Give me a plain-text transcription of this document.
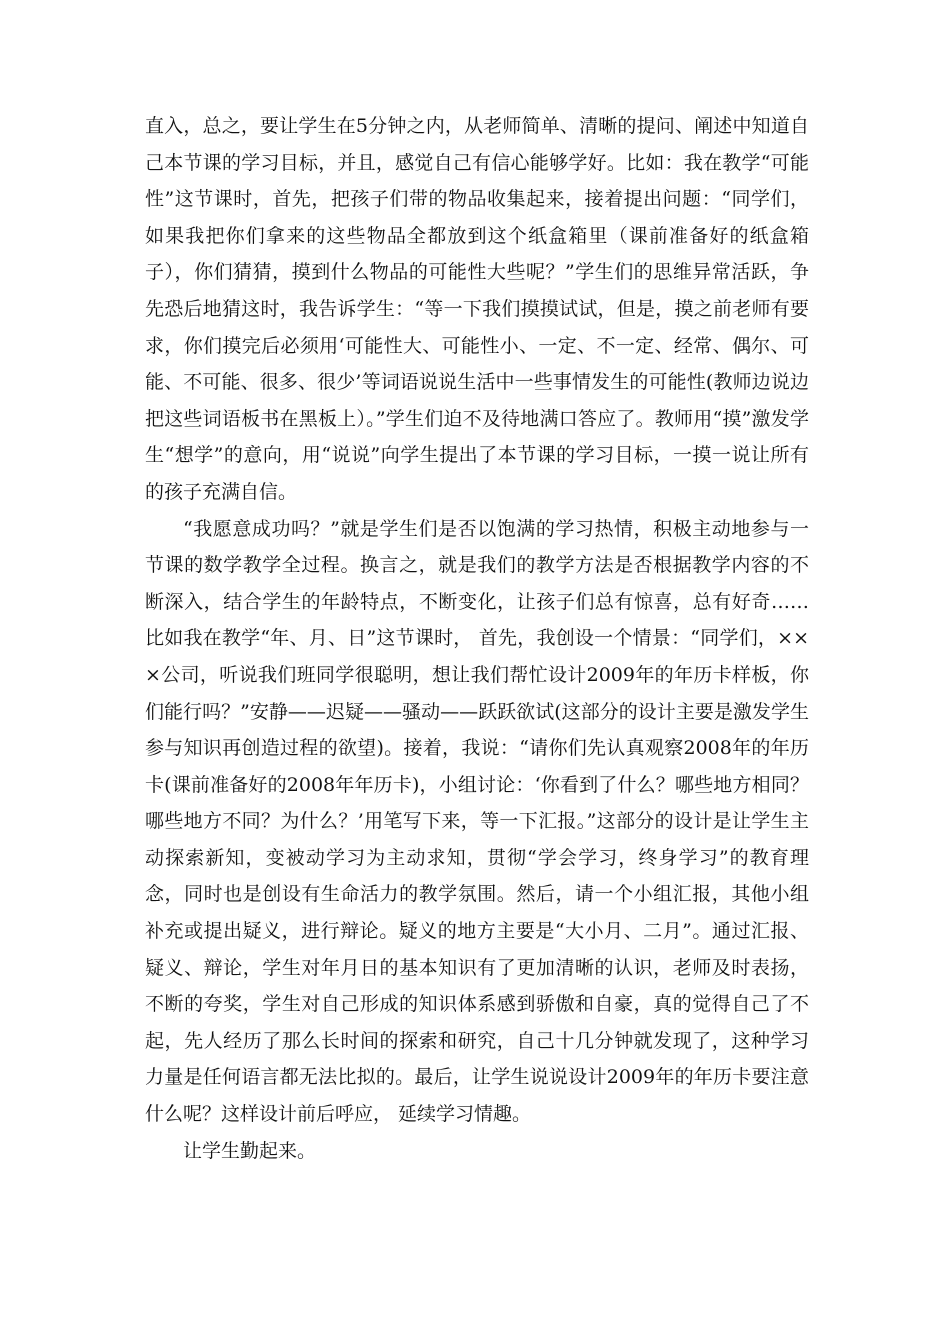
直入，总之，要让学生在5分钟之内，从老师简单、清晰的提问、阐述中知道自己本节课的学习目标，并且，感觉自己有信心能够学好。比如：我在教学“可能性”这节课时，首先，把孩子们带的物品收集起来，接着提出问题：“同学们，如果我把你们拿来的这些物品全都放到这个纸盒箱里（课前准备好的纸盒箱子），你们猜猜，摸到什么物品的可能性大些呢？”学生们的思维异常活跃，争先恐后地猜这时，我告诉学生：“等一下我们摸摸试试，但是，摸之前老师有要求，你们摸完后必须用‘可能性大、可能性小、一定、不一定、经常、偶尔、可能、不可能、很多、很少’等词语说说生活中一些事情发生的可能性(教师边说边把这些词语板书在黑板上）。”学生们迫不及待地满口答应了。教师用“摸”激发学生“想学”的意向，用“说说”向学生提出了本节课的学习目标，一摸一说让所有的孩子充满自信。

“我愿意成功吗？”就是学生们是否以饱满的学习热情，积极主动地参与一节课的数学教学全过程。换言之，就是我们的教学方法是否根据教学内容的不断深入，结合学生的年龄特点，不断变化，让孩子们总有惊喜，总有好奇……比如我在教学“年、月、日”这节课时， 首先，我创设一个情景：“同学们，×××公司，听说我们班同学很聪明，想让我们帮忙设计2009年的年历卡样板，你们能行吗？”安静——迟疑——骚动——跃跃欲试(这部分的设计主要是激发学生参与知识再创造过程的欲望)。接着，我说：“请你们先认真观察2008年的年历卡(课前准备好的2008年年历卡)，小组讨论：‘你看到了什么？哪些地方相同？哪些地方不同？为什么？’用笔写下来，等一下汇报。”这部分的设计是让学生主动探索新知，变被动学习为主动求知，贯彻“学会学习，终身学习”的教育理念，同时也是创设有生命活力的教学氛围。然后，请一个小组汇报，其他小组补充或提出疑义，进行辩论。疑义的地方主要是“大小月、二月”。通过汇报、疑义、辩论，学生对年月日的基本知识有了更加清晰的认识，老师及时表扬，不断的夸奖，学生对自己形成的知识体系感到骄傲和自豪，真的觉得自己了不起，先人经历了那么长时间的探索和研究，自己十几分钟就发现了，这种学习力量是任何语言都无法比拟的。最后，让学生说说设计2009年的年历卡要注意什么呢？这样设计前后呼应， 延续学习情趣。

让学生勤起来。
